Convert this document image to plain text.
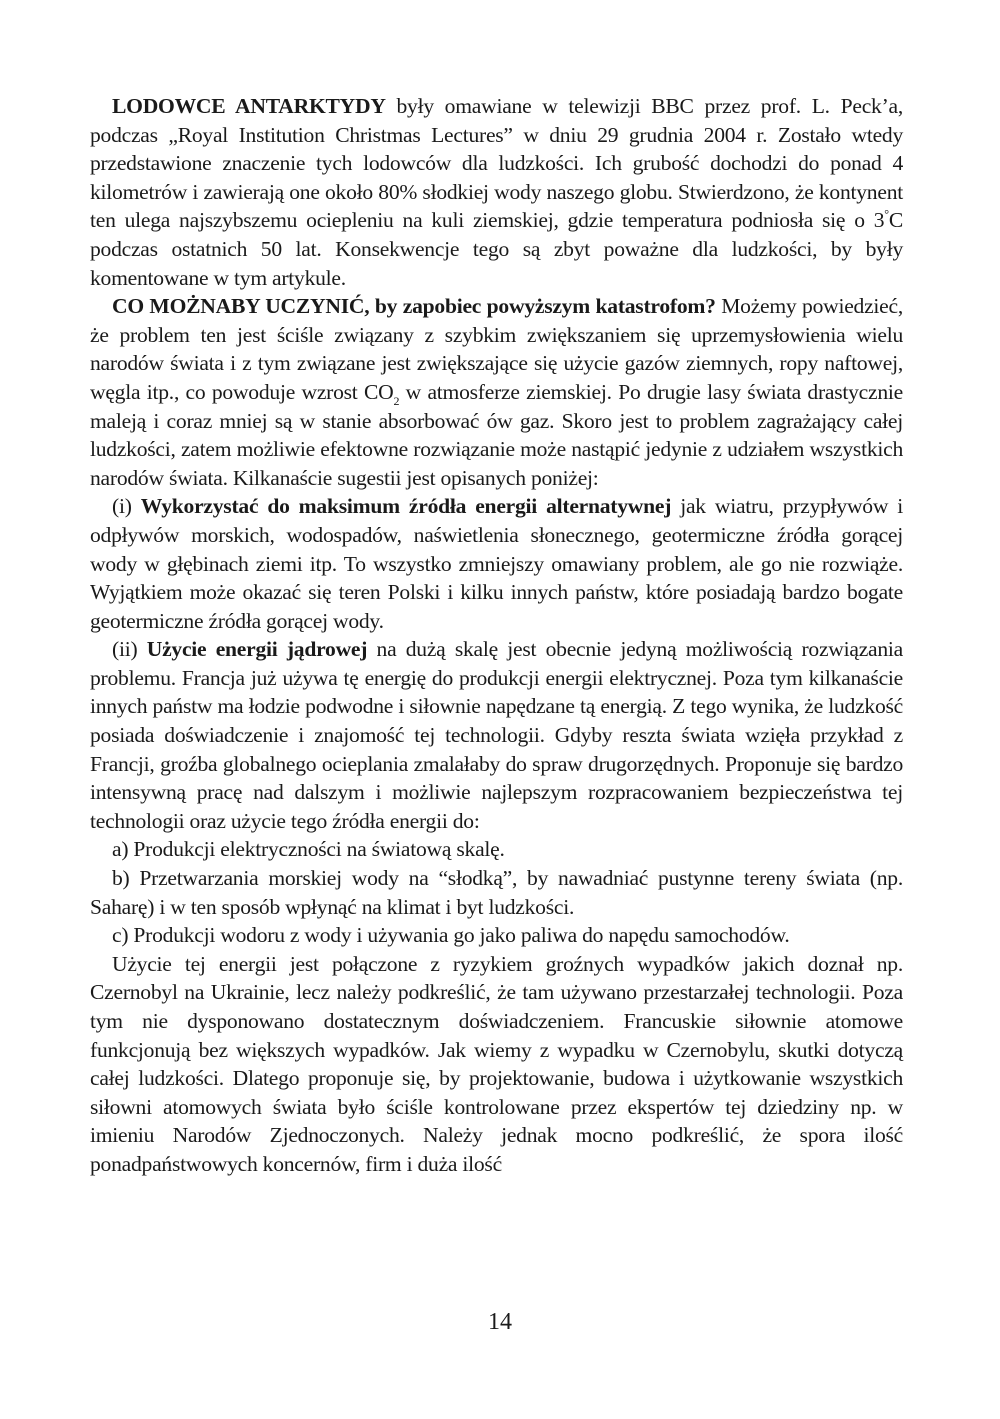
LODOWCE ANTARKTYDY były omawiane w telewizji BBC przez prof. L. Peck’a, podczas „Royal Institution Christmas Lectures” w dniu 29 grudnia 2004 r. Zostało wtedy przedstawione znaczenie tych lodowców dla ludzkości. Ich grubość dochodzi do ponad 4 kilometrów i zawierają one około 80% słodkiej wody naszego globu. Stwierdzono, że kontynent ten ulega najszybszemu ociepleniu na kuli ziemskiej, gdzie temperatura podniosła się o 3°C podczas ostatnich 50 lat. Konsekwencje tego są zbyt poważne dla ludzkości, by były komentowane w tym artykule.

CO MOŻNABY UCZYNIĆ, by zapobiec powyższym katastrofom? Możemy powiedzieć, że problem ten jest ściśle związany z szybkim zwiększaniem się uprzemysłowienia wielu narodów świata i z tym związane jest zwiększające się użycie gazów ziemnych, ropy naftowej, węgla itp., co powoduje wzrost $CO_2$ w atmosferze ziemskiej. Po drugie lasy świata drastycznie maleją i coraz mniej są w stanie absorbować ów gaz. Skoro jest to problem zagrażający całej ludzkości, zatem możliwie efektowne rozwiązanie może nastąpić jedynie z udziałem wszystkich narodów świata. Kilkanaście sugestii jest opisanych poniżej:

(i) Wykorzystać do maksimum źródła energii alternatywnej jak wiatru, przypływów i odpływów morskich, wodospadów, naświetlenia słonecznego, geotermiczne źródła gorącej wody w głębinach ziemi itp. To wszystko zmniejszy omawiany problem, ale go nie rozwiąże. Wyjątkiem może okazać się teren Polski i kilku innych państw, które posiadają bardzo bogate geotermiczne źródła gorącej wody.

(ii) Użycie energii jądrowej na dużą skalę jest obecnie jedyną możliwością rozwiązania problemu. Francja już używa tę energię do produkcji energii elektrycznej. Poza tym kilkanaście innych państw ma łodzie podwodne i siłownie napędzane tą energią. Z tego wynika, że ludzkość posiada doświadczenie i znajomość tej technologii. Gdyby reszta świata wzięła przykład z Francji, groźba globalnego ocieplania zmalałaby do spraw drugorzędnych. Proponuje się bardzo intensywną pracę nad dalszym i możliwie najlepszym rozpracowaniem bezpieczeństwa tej technologii oraz użycie tego źródła energii do:

a) Produkcji elektryczności na światową skalę.

b) Przetwarzania morskiej wody na “słodką”, by nawadniać pustynne tereny świata (np. Saharę) i w ten sposób wpłynąć na klimat i byt ludzkości.

c) Produkcji wodoru z wody i używania go jako paliwa do napędu samochodów.

Użycie tej energii jest połączone z ryzykiem groźnych wypadków jakich doznał np. Czernobyl na Ukrainie, lecz należy podkreślić, że tam używano przestarzałej technologii. Poza tym nie dysponowano dostatecznym doświadczeniem. Francuskie siłownie atomowe funkcjonują bez większych wypadków. Jak wiemy z wypadku w Czernobylu, skutki dotyczą całej ludzkości. Dlatego proponuje się, by projektowanie, budowa i użytkowanie wszystkich siłowni atomowych świata było ściśle kontrolowane przez ekspertów tej dziedziny np. w imieniu Narodów Zjednoczonych. Należy jednak mocno podkreślić, że spora ilość ponadpaństwowych koncernów, firm i duża ilość

14
